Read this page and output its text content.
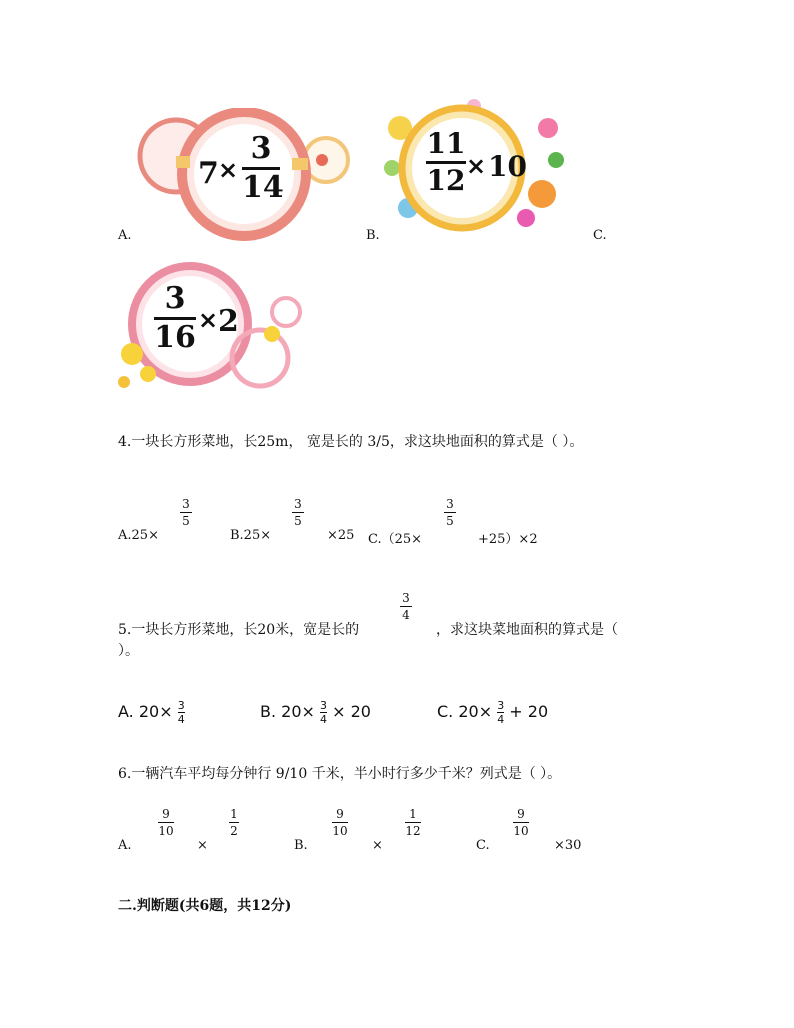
7 ×
3
14
A.
11
12 × 10
B.	C.
3
16 × 2
4.一块长方形菜地，长25m， 宽是长的 3/5，求这块地面积的算式是（ ）。
A.25×
3
5
B.25×
3
5
×25 C.（25×
3
5
+25）×2
5.一块长方形菜地，长20米，宽是长的
3
4
，求这块菜地面积的算式是（
）。
A. $20\times \frac{3}{4}$	B. $20\times \frac{3}{4} \times 20$	C. $20\times \frac{3}{4} + 20$
6.一辆汽车平均每分钟行 9/10 千米，半小时行多少千米？列式是（ ）。
A.
9
10
×
1
2
B.
9
10
×
1
12
C.
9
10
×30
二.判断题(共6题，共12分)
